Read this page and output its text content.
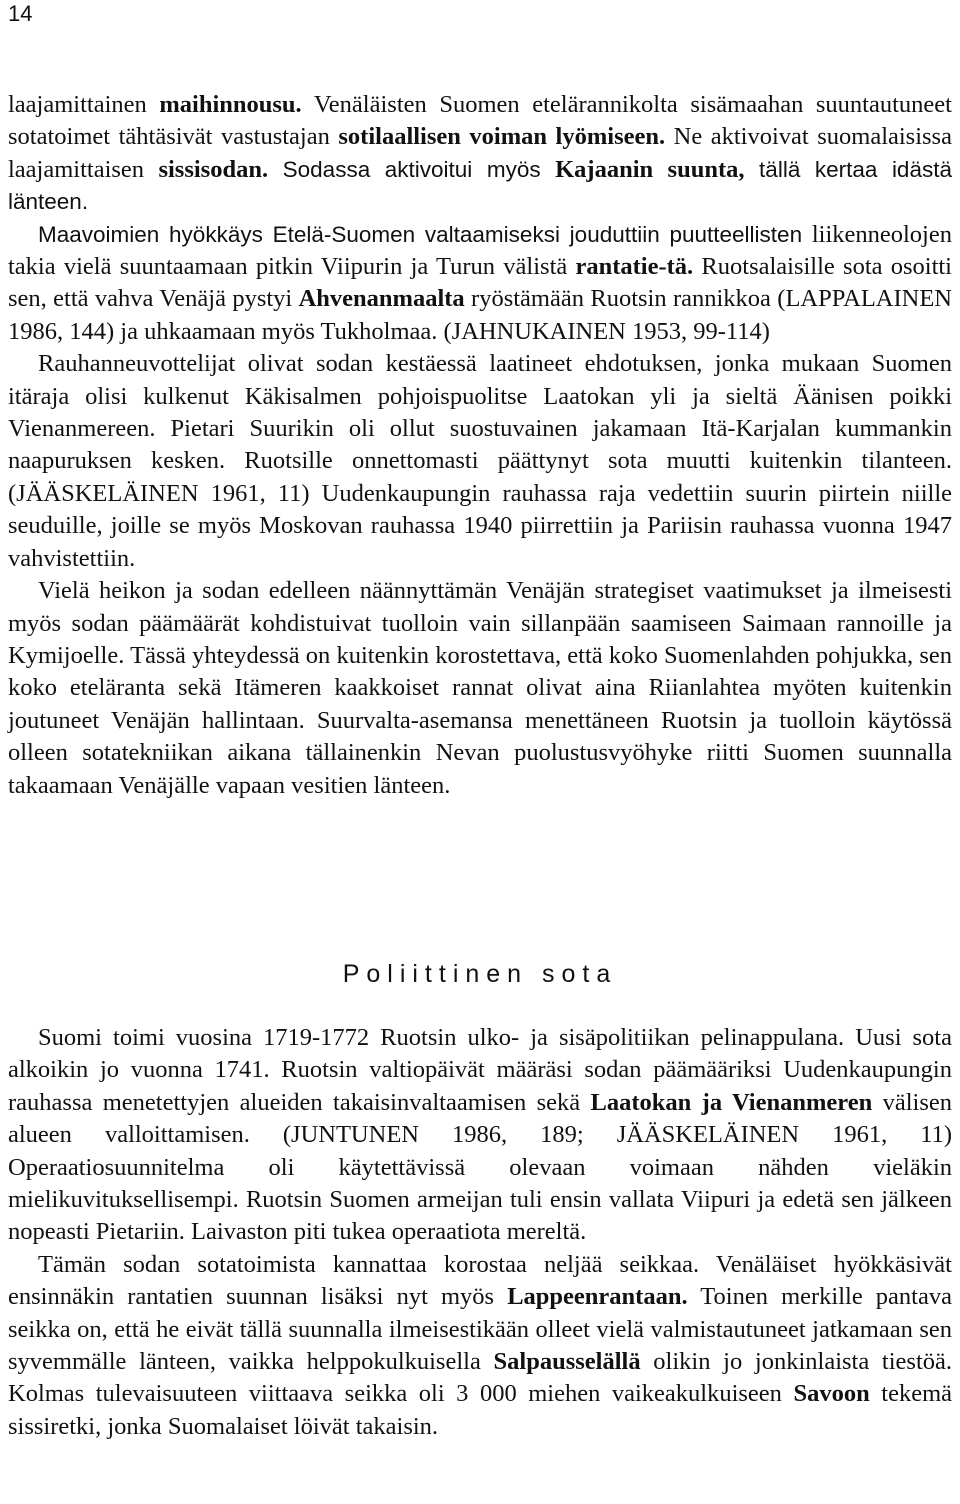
14

laajamittainen maihinnousu. Venäläisten Suomen etelärannikolta sisämaahan suuntautuneet sotatoimet tähtäsivät vastustajan sotilaallisen voiman lyömiseen. Ne aktivoivat suomalaisissa laajamittaisen sissisodan. Sodassa aktivoitui myös Kajaanin suunta, tällä kertaa idästä länteen.

Maavoimien hyökkäys Etelä-Suomen valtaamiseksi jouduttiin puutteellisten liikenneolojen takia vielä suuntaamaan pitkin Viipurin ja Turun välistä rantatie-tä. Ruotsalaisille sota osoitti sen, että vahva Venäjä pystyi Ahvenanmaalta ryöstämään Ruotsin rannikkoa (LAPPALAINEN 1986, 144) ja uhkaamaan myös Tukholmaa. (JAHNUKAINEN 1953, 99-114)

Rauhanneuvottelijat olivat sodan kestäessä laatineet ehdotuksen, jonka mukaan Suomen itäraja olisi kulkenut Käkisalmen pohjoispuolitse Laatokan yli ja sieltä Äänisen poikki Vienanmereen. Pietari Suurikin oli ollut suostuvainen jakamaan Itä-Karjalan kummankin naapuruksen kesken. Ruotsille onnettomasti päättynyt sota muutti kuitenkin tilanteen. (JÄÄSKELÄINEN 1961, 11) Uudenkaupungin rauhassa raja vedettiin suurin piirtein niille seuduille, joille se myös Moskovan rauhassa 1940 piirrettiin ja Pariisin rauhassa vuonna 1947 vahvistettiin.

Vielä heikon ja sodan edelleen näännyttämän Venäjän strategiset vaatimukset ja ilmeisesti myös sodan päämäärät kohdistuivat tuolloin vain sillanpään saamiseen Saimaan rannoille ja Kymijoelle. Tässä yhteydessä on kuitenkin korostettava, että koko Suomenlahden pohjukka, sen koko eteläranta sekä Itämeren kaakkoiset rannat olivat aina Riianlahtea myöten kuitenkin joutuneet Venäjän hallintaan. Suurvalta-asemansa menettäneen Ruotsin ja tuolloin käytössä olleen sotatekniikan aikana tällainenkin Nevan puolustusvyöhyke riitti Suomen suunnalla takaamaan Venäjälle vapaan vesitien länteen.

Poliittinen sota

Suomi toimi vuosina 1719-1772 Ruotsin ulko- ja sisäpolitiikan pelinappulana. Uusi sota alkoikin jo vuonna 1741. Ruotsin valtiopäivät määräsi sodan päämääriksi Uudenkaupungin rauhassa menetettyjen alueiden takaisinvaltaamisen sekä Laatokan ja Vienanmeren välisen alueen valloittamisen. (JUNTUNEN 1986, 189; JÄÄSKELÄINEN 1961, 11) Operaatiosuunnitelma oli käytettävissä olevaan voimaan nähden vieläkin mielikuvituksellisempi. Ruotsin Suomen armeijan tuli ensin vallata Viipuri ja edetä sen jälkeen nopeasti Pietariin. Laivaston piti tukea operaatiota mereltä.

Tämän sodan sotatoimista kannattaa korostaa neljää seikkaa. Venäläiset hyökkäsivät ensinnäkin rantatien suunnan lisäksi nyt myös Lappeenrantaan. Toinen merkille pantava seikka on, että he eivät tällä suunnalla ilmeisestikään olleet vielä valmistautuneet jatkamaan sen syvemmälle länteen, vaikka helppokulkuisella Salpausselällä olikin jo jonkinlaista tiestöä. Kolmas tulevaisuuteen viittaava seikka oli 3 000 miehen vaikeakulkuiseen Savoon tekemä sissiretki, jonka Suomalaiset löivät takaisin.
